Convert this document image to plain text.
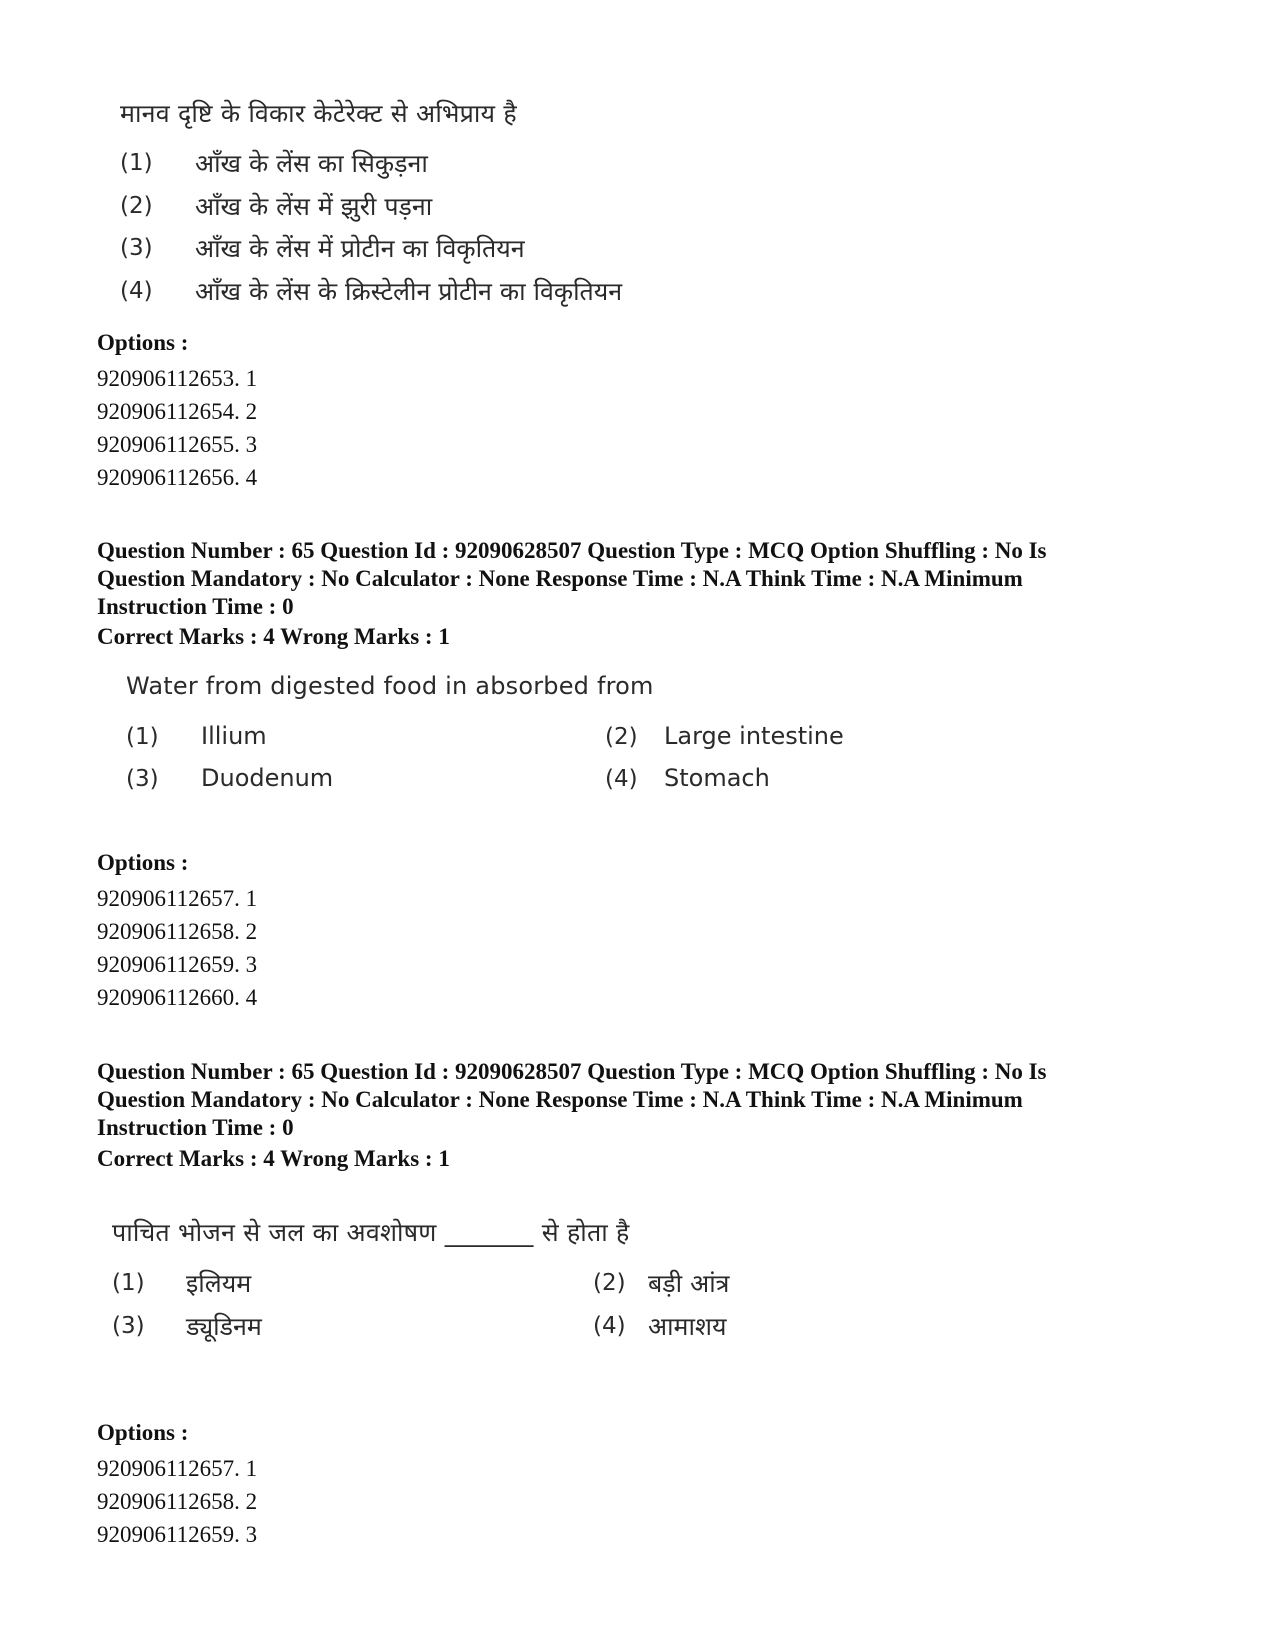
मानव दृष्टि के विकार केटेरेक्ट से अभिप्राय है
(1) आँख के लेंस का सिकुड़ना
(2) आँख के लेंस में झुरी पड़ना
(3) आँख के लेंस में प्रोटीन का विकृतियन
(4) आँख के लेंस के क्रिस्टेलीन प्रोटीन का विकृतियन
Options :
920906112653. 1
920906112654. 2
920906112655. 3
920906112656. 4
Question Number : 65 Question Id : 92090628507 Question Type : MCQ Option Shuffling : No Is
Question Mandatory : No Calculator : None Response Time : N.A Think Time : N.A Minimum
Instruction Time : 0
Correct Marks : 4 Wrong Marks : 1
Water from digested food in absorbed from
(1) Illium	(2) Large intestine
(3) Duodenum	(4) Stomach
Options :
920906112657. 1
920906112658. 2
920906112659. 3
920906112660. 4
Question Number : 65 Question Id : 92090628507 Question Type : MCQ Option Shuffling : No Is
Question Mandatory : No Calculator : None Response Time : N.A Think Time : N.A Minimum
Instruction Time : 0
Correct Marks : 4 Wrong Marks : 1
पाचित भोजन से जल का अवशोषण _______ से होता है
(1) इलियम	(2) बड़ी आंत्र
(3) ड्यूडिनम	(4) आमाशय
Options :
920906112657. 1
920906112658. 2
920906112659. 3
